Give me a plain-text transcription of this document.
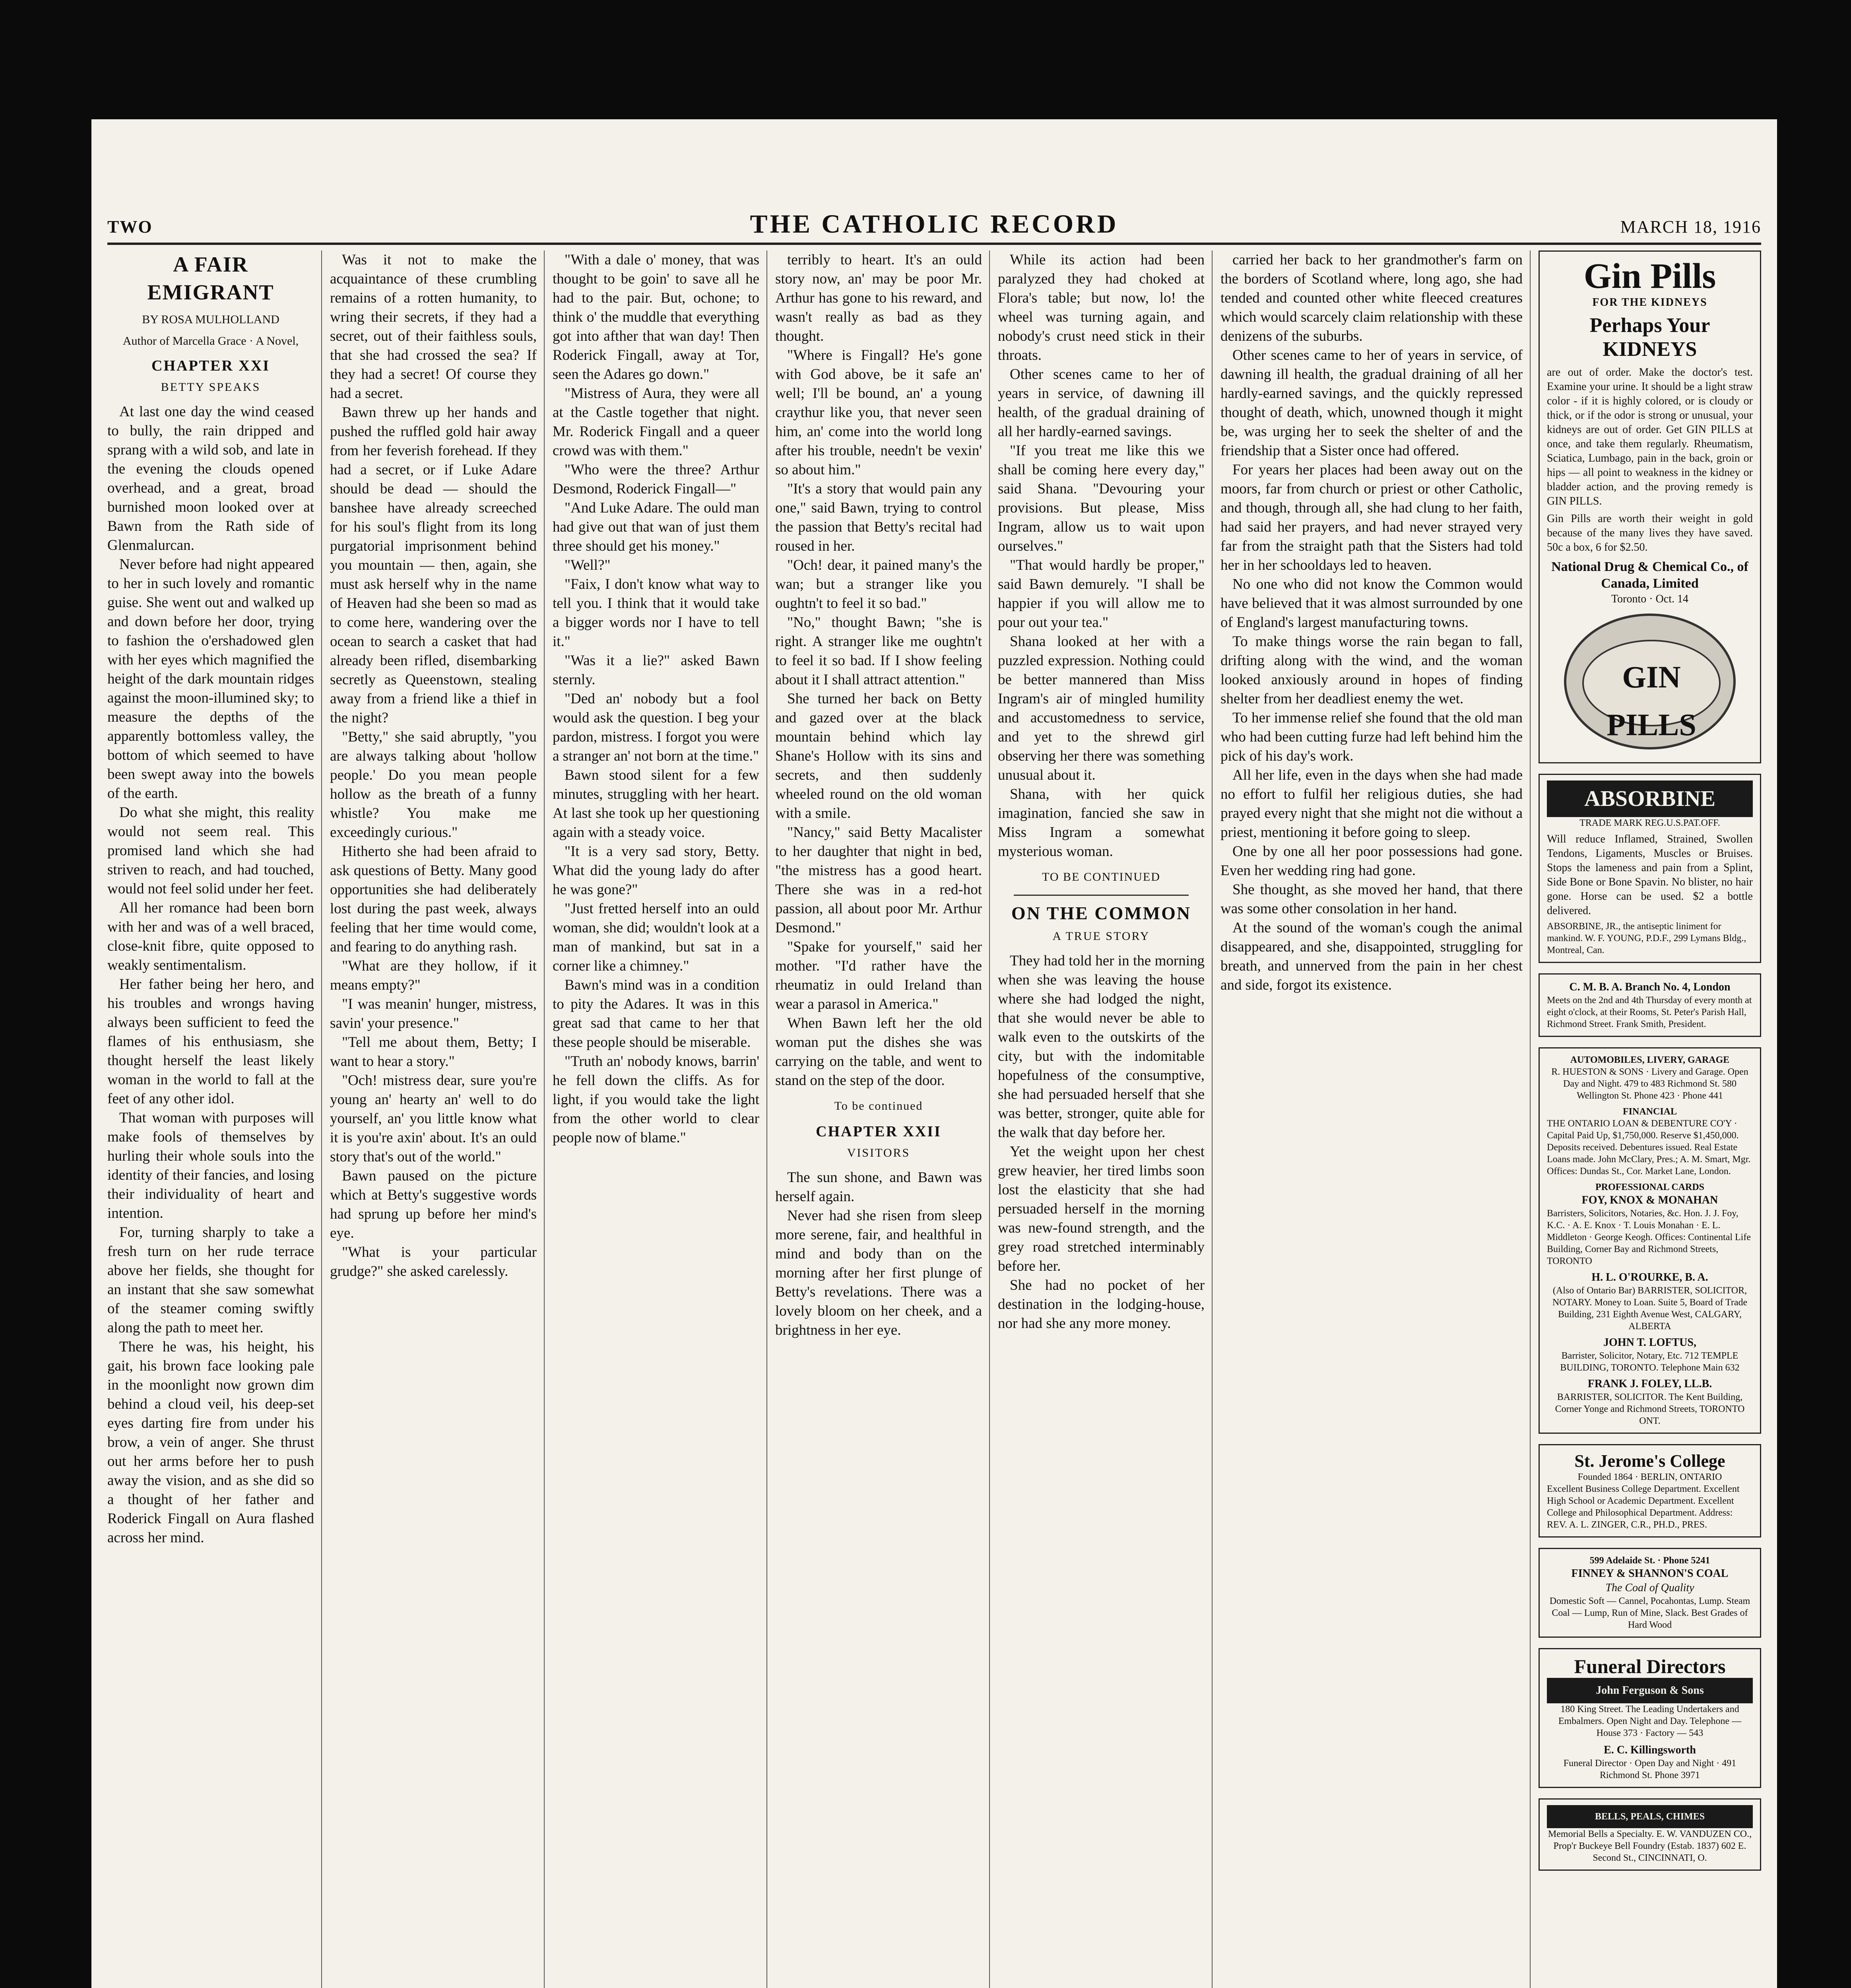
TWO	THE CATHOLIC RECORD	MARCH 18, 1916
A FAIR EMIGRANT
BY ROSA MULHOLLAND
Author of Marcella Grace · A Novel,
CHAPTER XXI
BETTY SPEAKS

At last one day the wind ceased to bully, the rain dripped and sprang with a wild sob, and late in the evening the clouds opened overhead, and a great, broad burnished moon looked over at Bawn from the Rath side of Glenmalurcan.

Never before had night appeared to her in such lovely and romantic guise. She went out and walked up and down before her door, trying to fashion the o'ershadowed glen with her eyes which magnified the height of the dark mountain ridges against the moon-illumined sky; to measure the depths of the apparently bottomless valley, the bottom of which seemed to have been swept away into the bowels of the earth.

Do what she might, this reality would not seem real. This promised land which she had striven to reach, and had touched, would not feel solid under her feet.

All her romance had been born with her and was of a well braced, close-knit fibre, quite opposed to weakly sentimentalism.

Her father being her hero, and his troubles and wrongs having always been sufficient to feed the flames of his enthusiasm, she thought herself the least likely woman in the world to fall at the feet of any other idol.

That woman with purposes will make fools of themselves by hurling their whole souls into the identity of their fancies, and losing their individuality of heart and intention.

For, turning sharply to take a fresh turn on her rude terrace above her fields, she thought for an instant that she saw somewhat of the steamer coming swiftly along the path to meet her.

There he was, his height, his gait, his brown face looking pale in the moonlight now grown dim behind a cloud veil, his deep-set eyes darting fire from under his brow, a vein of anger. She thrust out her arms before her to push away the vision, and as she did so a thought of her father and Roderick Fingall on Aura flashed across her mind.

Was it not to make the acquaintance of these crumbling remains of a rotten humanity, to wring their secrets, if they had a secret, out of their faithless souls, that she had crossed the sea? If they had a secret! Of course they had a secret.

Bawn threw up her hands and pushed the ruffled gold hair away from her feverish forehead. If they had a secret, or if Luke Adare should be dead — should the banshee have already screeched for his soul's flight from its long purgatorial imprisonment behind you mountain — then, again, she must ask herself why in the name of Heaven had she been so mad as to come here, wandering over the ocean to search a casket that had already been rifled, disembarking secretly as Queenstown, stealing away from a friend like a thief in the night?

"Betty," she said abruptly, "you are always talking about 'hollow people.' Do you mean people hollow as the breath of a funny whistle? You make me exceedingly curious."

Hitherto she had been afraid to ask questions of Betty. Many good opportunities she had deliberately lost during the past week, always feeling that her time would come, and fearing to do anything rash.

"What are they hollow, if it means empty?"

"I was meanin' hunger, mistress, savin' your presence."

"Tell me about them, Betty; I want to hear a story."

"Och! mistress dear, sure you're young an' hearty an' well to do yourself, an' you little know what it is you're axin' about. It's an ould story that's out of the world."

Bawn paused on the picture which at Betty's suggestive words had sprung up before her mind's eye.

"What is your particular grudge?" she asked carelessly.

"With a dale o' money, that was thought to be goin' to save all he had to the pair. But, ochone; to think o' the muddle that everything got into afther that wan day! Then Roderick Fingall, away at Tor, seen the Adares go down."

"Mistress of Aura, they were all at the Castle together that night. Mr. Roderick Fingall and a queer crowd was with them."

"Who were the three? Arthur Desmond, Roderick Fingall—"

"And Luke Adare. The ould man had give out that wan of just them three should get his money."

"Well?"

"Faix, I don't know what way to tell you. I think that it would take a bigger words nor I have to tell it."

"Was it a lie?" asked Bawn sternly.

"Ded an' nobody but a fool would ask the question. I beg your pardon, mistress. I forgot you were a stranger an' not born at the time."

Bawn stood silent for a few minutes, struggling with her heart. At last she took up her questioning again with a steady voice.

"It is a very sad story, Betty. What did the young lady do after he was gone?"

"Just fretted herself into an ould woman, she did; wouldn't look at a man of mankind, but sat in a corner like a chimney."

Bawn's mind was in a condition to pity the Adares. It was in this great sad that came to her that these people should be miserable.

"Truth an' nobody knows, barrin' he fell down the cliffs. As for light, if you would take the light from the other world to clear people now of blame."

terribly to heart. It's an ould story now, an' may be poor Mr. Arthur has gone to his reward, and wasn't really as bad as they thought.

"Where is Fingall? He's gone with God above, be it safe an' well; I'll be bound, an' a young craythur like you, that never seen him, an' come into the world long after his trouble, needn't be vexin' so about him."

"It's a story that would pain any one," said Bawn, trying to control the passion that Betty's recital had roused in her.

"Och! dear, it pained many's the wan; but a stranger like you oughtn't to feel it so bad."

"No," thought Bawn; "she is right. A stranger like me oughtn't to feel it so bad. If I show feeling about it I shall attract attention."

She turned her back on Betty and gazed over at the black mountain behind which lay Shane's Hollow with its sins and secrets, and then suddenly wheeled round on the old woman with a smile.

"Nancy," said Betty Macalister to her daughter that night in bed, "the mistress has a good heart. There she was in a red-hot passion, all about poor Mr. Arthur Desmond."

"Spake for yourself," said her mother. "I'd rather have the rheumatiz in ould Ireland than wear a parasol in America."

When Bawn left her the old woman put the dishes she was carrying on the table, and went to stand on the step of the door.

To be continued
CHAPTER XXII
VISITORS

The sun shone, and Bawn was herself again.

Never had she risen from sleep more serene, fair, and healthful in mind and body than on the morning after her first plunge of Betty's revelations. There was a lovely bloom on her cheek, and a brightness in her eye.

While its action had been paralyzed they had choked at Flora's table; but now, lo! the wheel was turning again, and nobody's crust need stick in their throats.

Other scenes came to her of years in service, of dawning ill health, of the gradual draining of all her hardly-earned savings.

"If you treat me like this we shall be coming here every day," said Shana. "Devouring your provisions. But please, Miss Ingram, allow us to wait upon ourselves."

"That would hardly be proper," said Bawn demurely. "I shall be happier if you will allow me to pour out your tea."

Shana looked at her with a puzzled expression. Nothing could be better mannered than Miss Ingram's air of mingled humility and accustomedness to service, and yet to the shrewd girl observing her there was something unusual about it.

Shana, with her quick imagination, fancied she saw in Miss Ingram a somewhat mysterious woman.

TO BE CONTINUED
ON THE COMMON
A TRUE STORY

They had told her in the morning when she was leaving the house where she had lodged the night, that she would never be able to walk even to the outskirts of the city, but with the indomitable hopefulness of the consumptive, she had persuaded herself that she was better, stronger, quite able for the walk that day before her.

Yet the weight upon her chest grew heavier, her tired limbs soon lost the elasticity that she had persuaded herself in the morning was new-found strength, and the grey road stretched interminably before her.

She had no pocket of her destination in the lodging-house, nor had she any more money.

carried her back to her grandmother's farm on the borders of Scotland where, long ago, she had tended and counted other white fleeced creatures which would scarcely claim relationship with these denizens of the suburbs.

Other scenes came to her of years in service, of dawning ill health, the gradual draining of all her hardly-earned savings, and the quickly repressed thought of death, which, unowned though it might be, was urging her to seek the shelter of and the friendship that a Sister once had offered.

For years her places had been away out on the moors, far from church or priest or other Catholic, and though, through all, she had clung to her faith, had said her prayers, and had never strayed very far from the straight path that the Sisters had told her in her schooldays led to heaven.

No one who did not know the Common would have believed that it was almost surrounded by one of England's largest manufacturing towns.

To make things worse the rain began to fall, drifting along with the wind, and the woman looked anxiously around in hopes of finding shelter from her deadliest enemy the wet.

To her immense relief she found that the old man who had been cutting furze had left behind him the pick of his day's work.

All her life, even in the days when she had made no effort to fulfil her religious duties, she had prayed every night that she might not die without a priest, mentioning it before going to sleep.

One by one all her poor possessions had gone. Even her wedding ring had gone.

She thought, as she moved her hand, that there was some other consolation in her hand.

At the sound of the woman's cough the animal disappeared, and she, disappointed, struggling for breath, and unnerved from the pain in her chest and side, forgot its existence.

Gin Pills
FOR THE KIDNEYS
Perhaps Your KIDNEYS
are out of order. Make the doctor's test. Examine your urine. It should be a light straw color - if it is highly colored, or is cloudy or thick, or if the odor is strong or unusual, your kidneys are out of order. Get GIN PILLS at once, and take them regularly. Rheumatism, Sciatica, Lumbago, pain in the back, groin or hips — all point to weakness in the kidney or bladder action, and the proving remedy is GIN PILLS.
Gin Pills are worth their weight in gold because of the many lives they have saved. 50c a box, 6 for $2.50.
National Drug & Chemical Co., of Canada, Limited
Toronto · Oct. 14
GIN PILLS
ABSORBINE
TRADE MARK REG.U.S.PAT.OFF.
Will reduce Inflamed, Strained, Swollen Tendons, Ligaments, Muscles or Bruises. Stops the lameness and pain from a Splint, Side Bone or Bone Spavin. No blister, no hair gone. Horse can be used. $2 a bottle delivered.
ABSORBINE, JR., the antiseptic liniment for mankind. W. F. YOUNG, P.D.F., 299 Lymans Bldg., Montreal, Can.
C. M. B. A. Branch No. 4, London
Meets on the 2nd and 4th Thursday of every month at eight o'clock, at their Rooms, St. Peter's Parish Hall, Richmond Street. Frank Smith, President.
AUTOMOBILES, LIVERY, GARAGE
R. HUESTON & SONS · Livery and Garage. Open Day and Night. 479 to 483 Richmond St. 580 Wellington St. Phone 423 · Phone 441
FINANCIAL
THE ONTARIO LOAN & DEBENTURE CO'Y · Capital Paid Up, $1,750,000. Reserve $1,450,000. Deposits received. Debentures issued. Real Estate Loans made. John McClary, Pres.; A. M. Smart, Mgr. Offices: Dundas St., Cor. Market Lane, London.
PROFESSIONAL CARDS
FOY, KNOX & MONAHAN
Barristers, Solicitors, Notaries, &c. Hon. J. J. Foy, K.C. · A. E. Knox · T. Louis Monahan · E. L. Middleton · George Keogh. Offices: Continental Life Building, Corner Bay and Richmond Streets, TORONTO
H. L. O'ROURKE, B. A.
(Also of Ontario Bar) BARRISTER, SOLICITOR, NOTARY. Money to Loan. Suite 5, Board of Trade Building, 231 Eighth Avenue West, CALGARY, ALBERTA
JOHN T. LOFTUS,
Barrister, Solicitor, Notary, Etc. 712 TEMPLE BUILDING, TORONTO. Telephone Main 632
FRANK J. FOLEY, LL.B.
BARRISTER, SOLICITOR. The Kent Building, Corner Yonge and Richmond Streets, TORONTO ONT.
St. Jerome's College
Founded 1864 · BERLIN, ONTARIO
Excellent Business College Department. Excellent High School or Academic Department. Excellent College and Philosophical Department. Address: REV. A. L. ZINGER, C.R., PH.D., PRES.
599 Adelaide St. · Phone 5241
FINNEY & SHANNON'S COAL
The Coal of Quality
Domestic Soft — Cannel, Pocahontas, Lump. Steam Coal — Lump, Run of Mine, Slack. Best Grades of Hard Wood
Funeral Directors
John Ferguson & Sons
180 King Street. The Leading Undertakers and Embalmers. Open Night and Day. Telephone — House 373 · Factory — 543
E. C. Killingsworth
Funeral Director · Open Day and Night · 491 Richmond St. Phone 3971
BELLS, PEALS, CHIMES
Memorial Bells a Specialty. E. W. VANDUZEN CO., Prop'r Buckeye Bell Foundry (Estab. 1837) 602 E. Second St., CINCINNATI, O.
